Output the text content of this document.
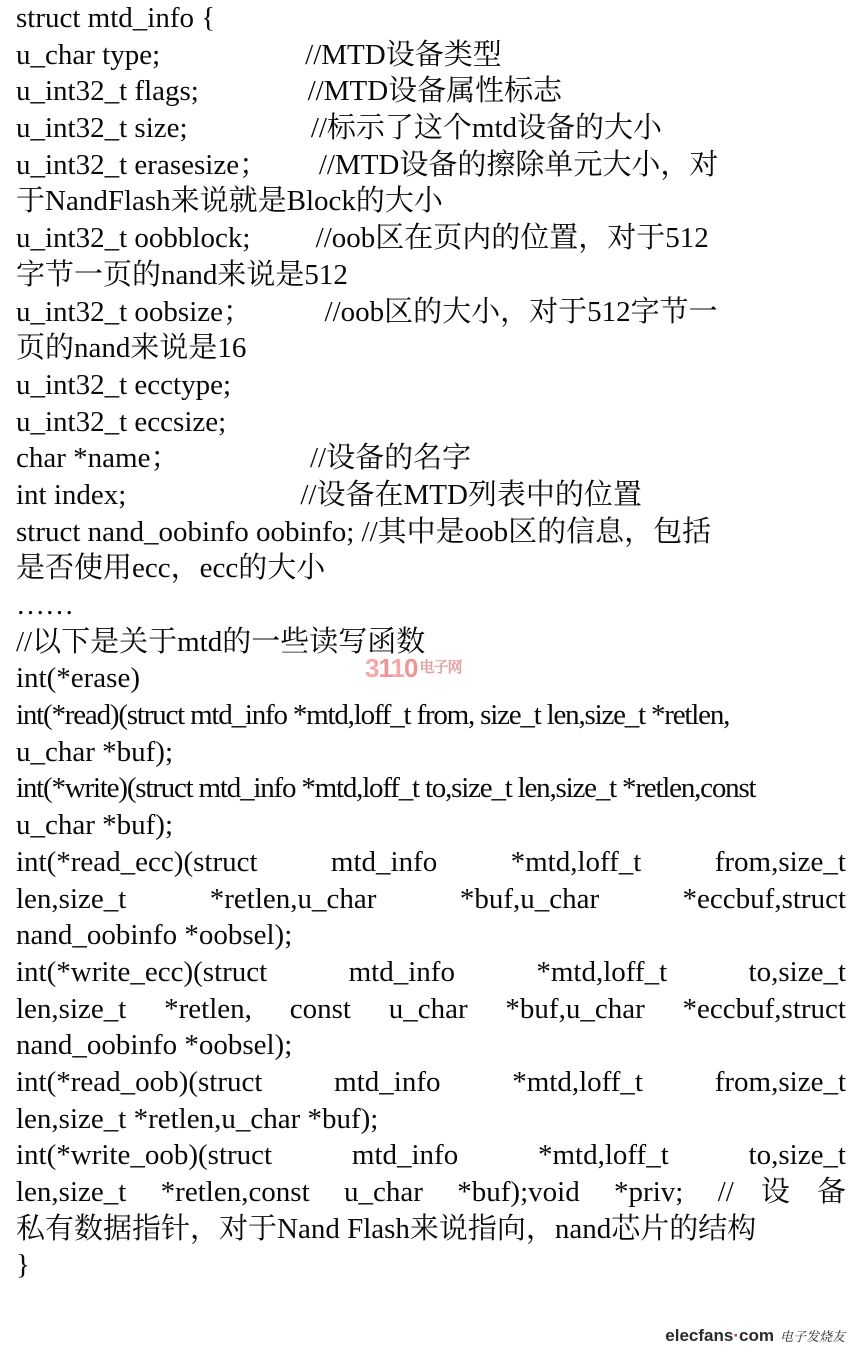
struct mtd_info {
u_char type;                    //MTD设备类型
u_int32_t flags;               //MTD设备属性标志
u_int32_t size;                 //标示了这个mtd设备的大小
u_int32_t erasesize；       //MTD设备的擦除单元大小，对
于NandFlash来说就是Block的大小
u_int32_t oobblock;         //oob区在页内的位置，对于512
字节一页的nand来说是512
u_int32_t oobsize；          //oob区的大小，对于512字节一
页的nand来说是16
u_int32_t ecctype;
u_int32_t eccsize;
char *name；                  //设备的名字
int index;                        //设备在MTD列表中的位置
struct nand_oobinfo oobinfo; //其中是oob区的信息，包括
是否使用ecc，ecc的大小
……
//以下是关于mtd的一些读写函数
int(*erase)
int(*read)(struct mtd_info *mtd,loff_t from, size_t len,size_t *retlen,
u_char *buf);
int(*write)(struct mtd_info *mtd,loff_t to,size_t len,size_t *retlen,const
u_char *buf);
int(*read_ecc)(struct mtd_info *mtd,loff_t from,size_t
len,size_t *retlen,u_char *buf,u_char *eccbuf,struct
nand_oobinfo *oobsel);
int(*write_ecc)(struct mtd_info *mtd,loff_t to,size_t
len,size_t *retlen, const u_char *buf,u_char *eccbuf,struct
nand_oobinfo *oobsel);
int(*read_oob)(struct mtd_info *mtd,loff_t from,size_t
len,size_t *retlen,u_char *buf);
int(*write_oob)(struct mtd_info *mtd,loff_t to,size_t
len,size_t *retlen,const u_char *buf);void *priv; //设备
私有数据指针，对于Nand Flash来说指向，nand芯片的结构
}
3110 $^{电子网}$
elecfans·com 电子发烧友
